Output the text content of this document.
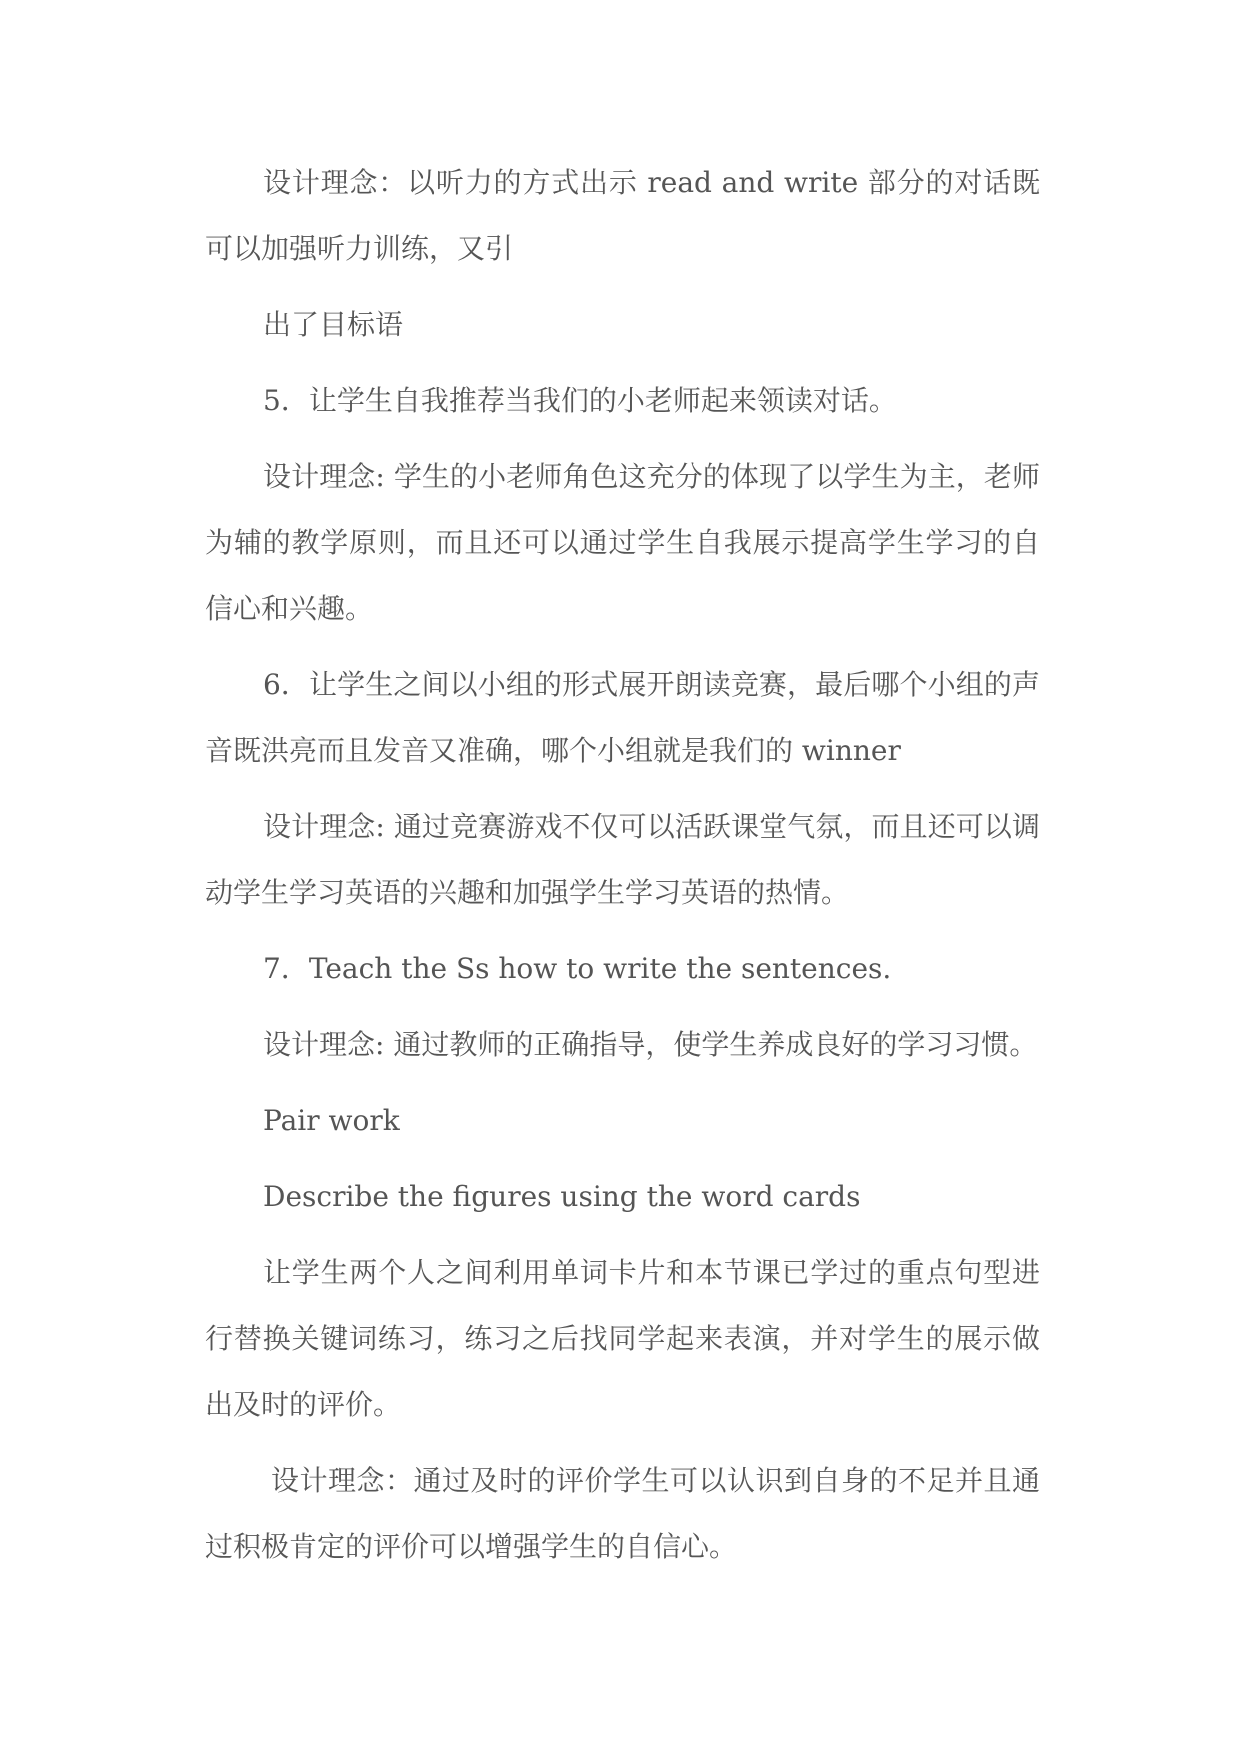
设计理念：以听力的方式出示 read and write 部分的对话既可以加强听力训练，又引

出了目标语

5．让学生自我推荐当我们的小老师起来领读对话。

设计理念: 学生的小老师角色这充分的体现了以学生为主，老师为辅的教学原则，而且还可以通过学生自我展示提高学生学习的自信心和兴趣。

6．让学生之间以小组的形式展开朗读竞赛，最后哪个小组的声音既洪亮而且发音又准确，哪个小组就是我们的 winner

设计理念: 通过竞赛游戏不仅可以活跃课堂气氛，而且还可以调动学生学习英语的兴趣和加强学生学习英语的热情。

7．Teach the Ss how to write the sentences.

设计理念: 通过教师的正确指导，使学生养成良好的学习习惯。

Pair work

Describe the figures using the word cards

让学生两个人之间利用单词卡片和本节课已学过的重点句型进行替换关键词练习，练习之后找同学起来表演，并对学生的展示做出及时的评价。

设计理念：通过及时的评价学生可以认识到自身的不足并且通过积极肯定的评价可以增强学生的自信心。
